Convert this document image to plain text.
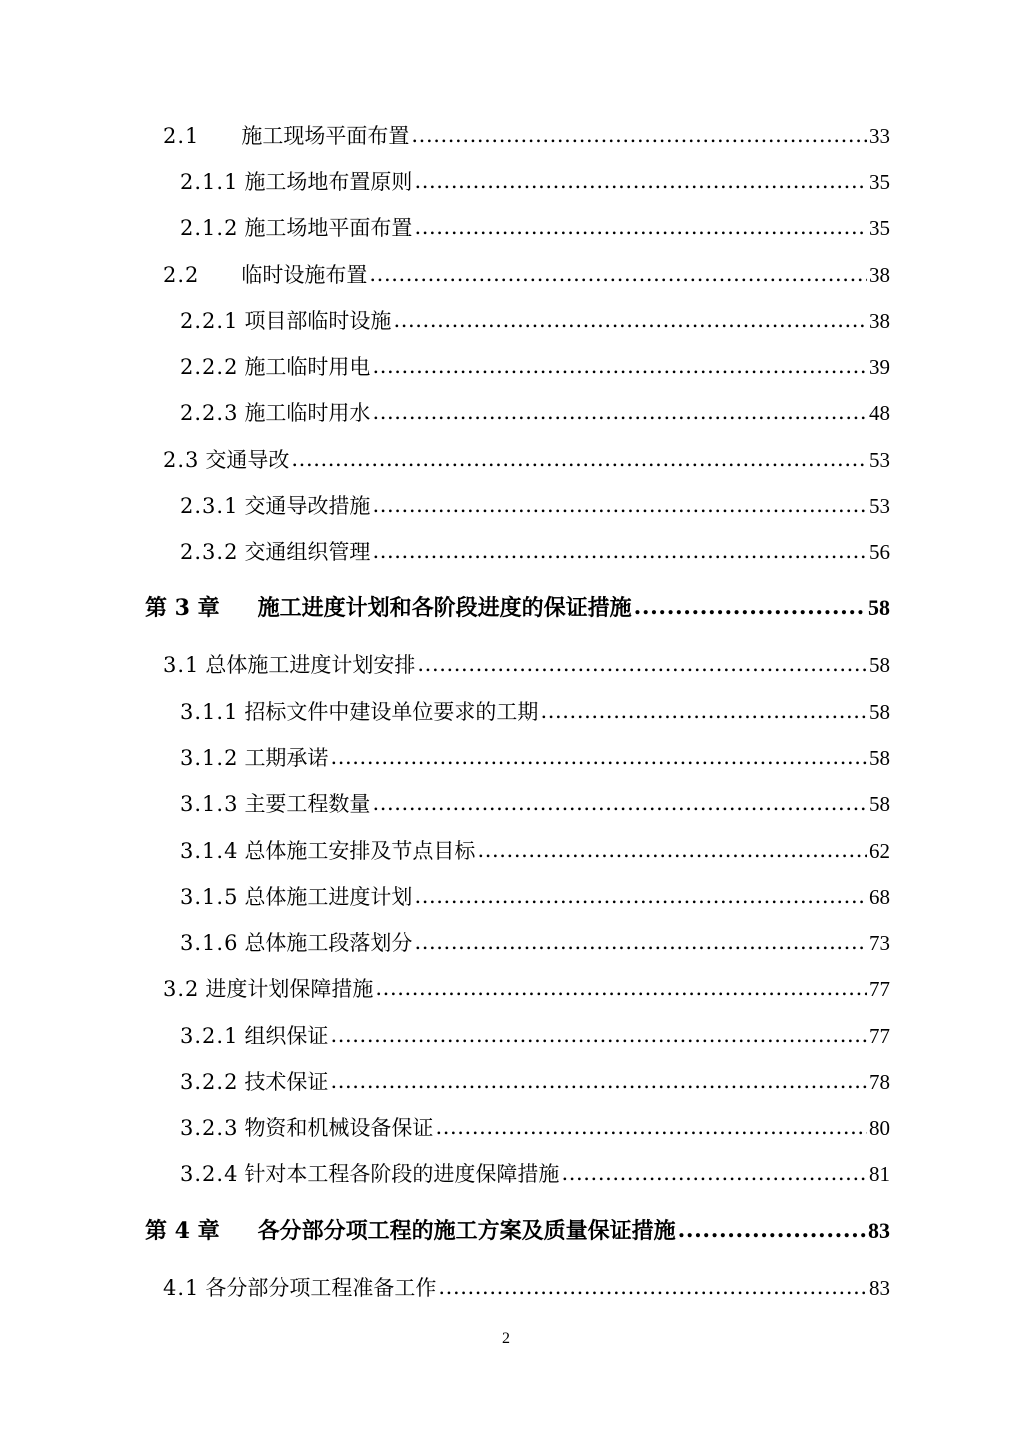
2.1 施工现场平面布置 .....	33
2.1.1 施工场地布置原则 .....	35
2.1.2 施工场地平面布置 .....	35
2.2 临时设施布置 .....	38
2.2.1 项目部临时设施 .....	38
2.2.2 施工临时用电 .....	39
2.2.3 施工临时用水 .....	48
2.3 交通导改 .....	53
2.3.1 交通导改措施 .....	53
2.3.2 交通组织管理 .....	56
第 3 章 施工进度计划和各阶段进度的保证措施 .....	58
3.1 总体施工进度计划安排 .....	58
3.1.1 招标文件中建设单位要求的工期 .....	58
3.1.2 工期承诺 .....	58
3.1.3 主要工程数量 .....	58
3.1.4 总体施工安排及节点目标 .....	62
3.1.5 总体施工进度计划 .....	68
3.1.6 总体施工段落划分 .....	73
3.2 进度计划保障措施 .....	77
3.2.1 组织保证 .....	77
3.2.2 技术保证 .....	78
3.2.3 物资和机械设备保证 .....	80
3.2.4 针对本工程各阶段的进度保障措施 .....	81
第 4 章 各分部分项工程的施工方案及质量保证措施 .....	83
4.1 各分部分项工程准备工作 .....	83
2
